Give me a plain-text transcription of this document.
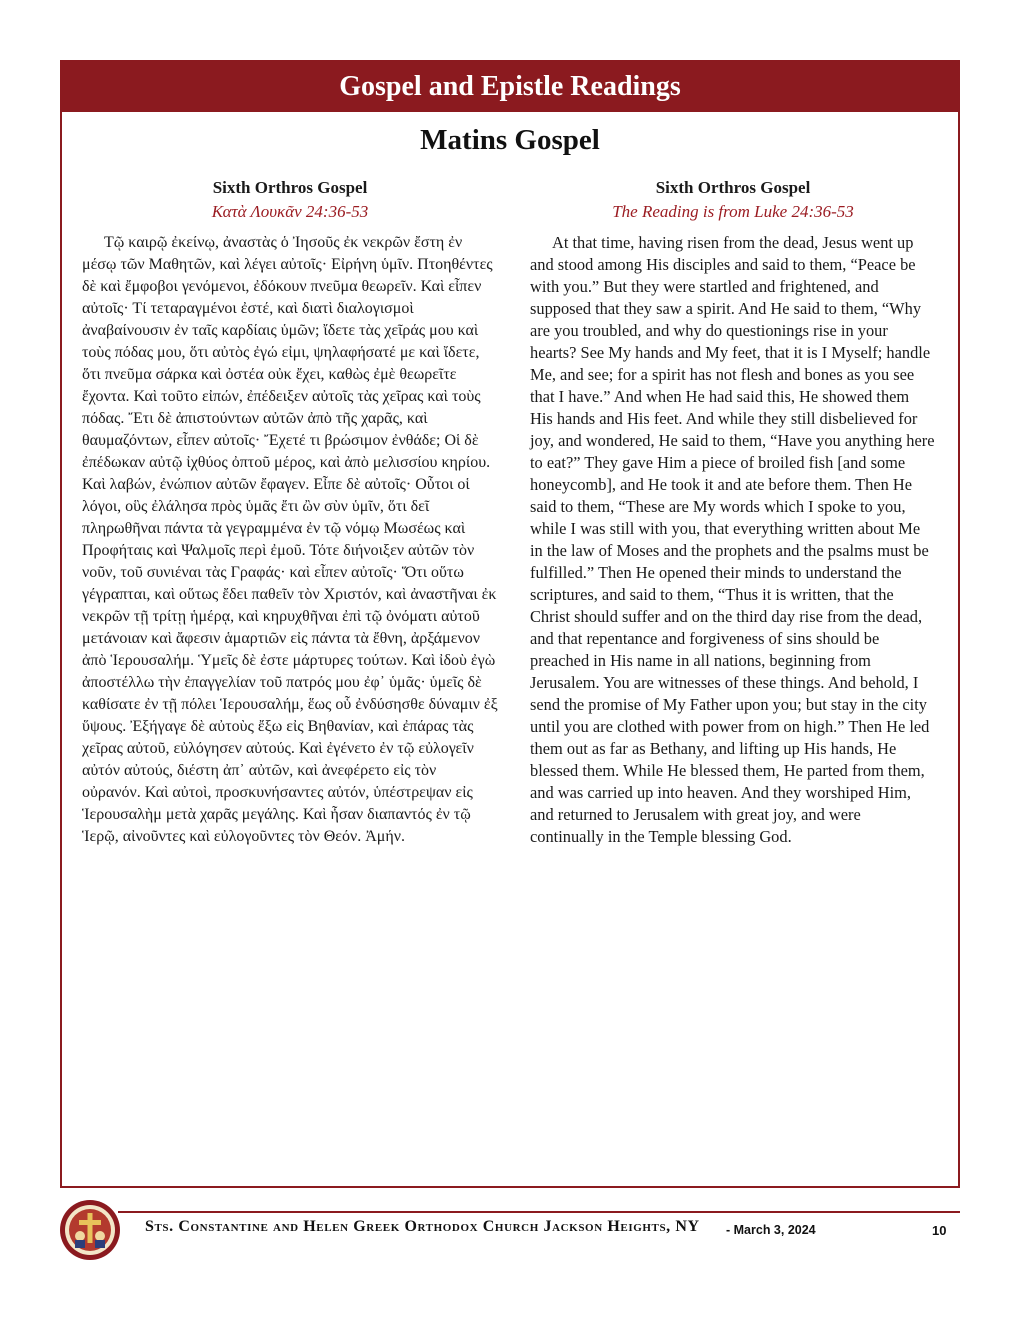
Gospel and Epistle Readings
Matins Gospel
Sixth Orthros Gospel
Κατὰ Λουκᾶν 24:36-53

Τῷ καιρῷ ἐκείνῳ, ἀναστὰς ὁ Ἰησοῦς ἐκ νεκρῶν ἔστη ἐν μέσῳ τῶν Μαθητῶν, καὶ λέγει αὐτοῖς· Εἰρήνη ὑμῖν. Πτοηθέντες δὲ καὶ ἔμφοβοι γενόμενοι, ἐδόκουν πνεῦμα θεωρεῖν. Καὶ εἶπεν αὐτοῖς· Τί τεταραγμένοι ἐστέ, καὶ διατὶ διαλογισμοὶ ἀναβαίνουσιν ἐν ταῖς καρδίαις ὑμῶν; ἴδετε τὰς χεῖράς μου καὶ τοὺς πόδας μου, ὅτι αὐτὸς ἐγώ εἰμι, ψηλαφήσατέ με καὶ ἴδετε, ὅτι πνεῦμα σάρκα καὶ ὀστέα οὐκ ἔχει, καθὼς ἐμὲ θεωρεῖτε ἔχοντα. Καὶ τοῦτο εἰπών, ἐπέδειξεν αὐτοῖς τὰς χεῖρας καὶ τοὺς πόδας. Ἔτι δὲ ἀπιστούντων αὐτῶν ἀπὸ τῆς χαρᾶς, καὶ θαυμαζόντων, εἶπεν αὐτοῖς· Ἔχετέ τι βρώσιμον ἐνθάδε; Οἱ δὲ ἐπέδωκαν αὐτῷ ἰχθύος ὀπτοῦ μέρος, καὶ ἀπὸ μελισσίου κηρίου. Καὶ λαβών, ἐνώπιον αὐτῶν ἔφαγεν. Εἶπε δὲ αὐτοῖς· Οὗτοι οἱ λόγοι, οὓς ἐλάλησα πρὸς ὑμᾶς ἔτι ὢν σὺν ὑμῖν, ὅτι δεῖ πληρωθῆναι πάντα τὰ γεγραμμένα ἐν τῷ νόμῳ Μωσέως καὶ Προφήταις καὶ Ψαλμοῖς περὶ ἐμοῦ. Τότε διήνοιξεν αὐτῶν τὸν νοῦν, τοῦ συνιέναι τὰς Γραφάς· καὶ εἶπεν αὐτοῖς· Ὅτι οὕτω γέγραπται, καὶ οὕτως ἔδει παθεῖν τὸν Χριστόν, καὶ ἀναστῆναι ἐκ νεκρῶν τῇ τρίτῃ ἡμέρᾳ, καὶ κηρυχθῆναι ἐπὶ τῷ ὀνόματι αὐτοῦ μετάνοιαν καὶ ἄφεσιν ἁμαρτιῶν εἰς πάντα τὰ ἔθνη, ἀρξάμενον ἀπὸ Ἱερουσαλήμ. Ὑμεῖς δὲ ἐστε μάρτυρες τούτων. Καὶ ἰδοὺ ἐγὼ ἀποστέλλω τὴν ἐπαγγελίαν τοῦ πατρός μου ἐφ᾽ ὑμᾶς· ὑμεῖς δὲ καθίσατε ἐν τῇ πόλει Ἱερουσαλήμ, ἕως οὗ ἐνδύσησθε δύναμιν ἐξ ὕψους. Ἐξήγαγε δὲ αὐτοὺς ἔξω εἰς Βηθανίαν, καὶ ἐπάρας τὰς χεῖρας αὐτοῦ, εὐλόγησεν αὐτούς. Καὶ ἐγένετο ἐν τῷ εὐλογεῖν αὐτόν αὐτούς, διέστη ἀπ᾽ αὐτῶν, καὶ ἀνεφέρετο εἰς τὸν οὐρανόν. Καὶ αὐτοὶ, προσκυνήσαντες αὐτόν, ὑπέστρεψαν εἰς Ἱερουσαλὴμ μετὰ χαρᾶς μεγάλης. Καὶ ἦσαν διαπαντός ἐν τῷ Ἱερῷ, αἰνοῦντες καὶ εὐλογοῦντες τὸν Θεόν. Ἀμήν.

Sixth Orthros Gospel
The Reading is from Luke 24:36-53

At that time, having risen from the dead, Jesus went up and stood among His disciples and said to them, “Peace be with you.” But they were startled and frightened, and supposed that they saw a spirit. And He said to them, “Why are you troubled, and why do questionings rise in your hearts? See My hands and My feet, that it is I Myself; handle Me, and see; for a spirit has not flesh and bones as you see that I have.” And when He had said this, He showed them His hands and His feet. And while they still disbelieved for joy, and wondered, He said to them, “Have you anything here to eat?” They gave Him a piece of broiled fish [and some honeycomb], and He took it and ate before them. Then He said to them, “These are My words which I spoke to you, while I was still with you, that everything written about Me in the law of Moses and the prophets and the psalms must be fulfilled.” Then He opened their minds to understand the scriptures, and said to them, “Thus it is written, that the Christ should suffer and on the third day rise from the dead, and that repentance and forgiveness of sins should be preached in His name in all nations, beginning from Jerusalem. You are witnesses of these things. And behold, I send the promise of My Father upon you; but stay in the city until you are clothed with power from on high.” Then He led them out as far as Bethany, and lifting up His hands, He blessed them. While He blessed them, He parted from them, and was carried up into heaven. And they worshiped Him, and returned to Jerusalem with great joy, and were continually in the Temple blessing God.

Sts. Constantine and Helen Greek Orthodox Church Jackson Heights, NY - March 3, 2024	10
